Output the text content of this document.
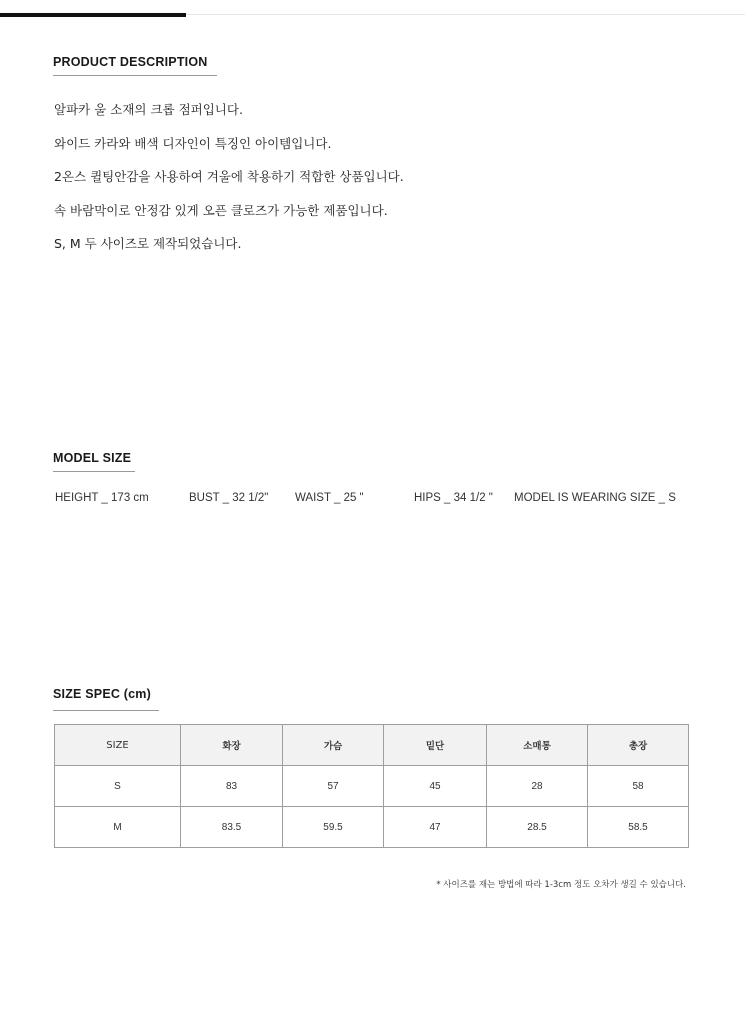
PRODUCT DESCRIPTION
알파카 울 소재의 크롭 점퍼입니다.
와이드 카라와 배색 디자인이 특징인 아이템입니다.
2온스 퀼팅안감을 사용하여 겨울에 착용하기 적합한 상품입니다.
속 바람막이로 안정감 있게 오픈 클로즈가 가능한 제품입니다.
S, M 두 사이즈로 제작되었습니다.
MODEL SIZE
HEIGHT _ 173 cm	BUST _ 32 1/2" WAIST _ 25 "	HIPS _ 34 1/2 " MODEL IS WEARING SIZE _ S
SIZE SPEC (cm)
SIZE	화장	가슴	밑단	소매통	총장
S	83	57	45	28	58
M	83.5	59.5	47	28.5	58.5
* 사이즈를 재는 방법에 따라 1-3cm 정도 오차가 생길 수 있습니다.
